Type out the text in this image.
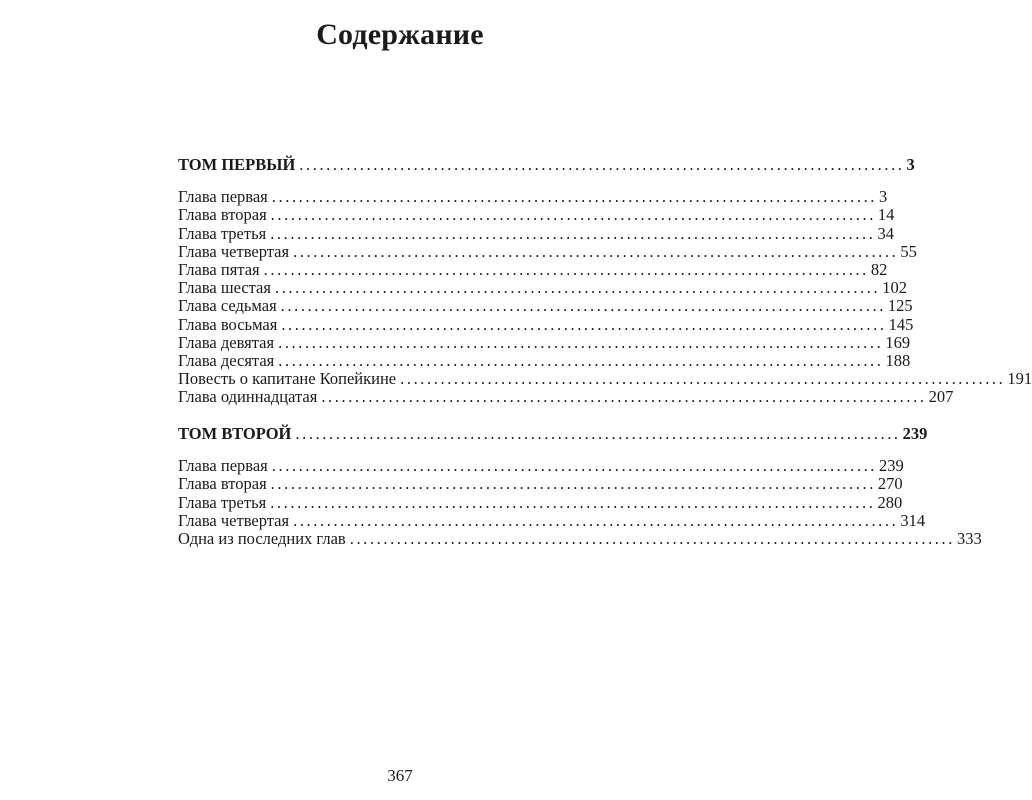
Содержание
ТОМ ПЕРВЫЙ .......................................................................................... 3
Глава первая .......................................................................................... 3
Глава вторая .......................................................................................... 14
Глава третья .......................................................................................... 34
Глава четвертая .......................................................................................... 55
Глава пятая .......................................................................................... 82
Глава шестая .......................................................................................... 102
Глава седьмая .......................................................................................... 125
Глава восьмая .......................................................................................... 145
Глава девятая .......................................................................................... 169
Глава десятая .......................................................................................... 188
Повесть о капитане Копейкине .......................................................................................... 191
Глава одиннадцатая .......................................................................................... 207
ТОМ ВТОРОЙ .......................................................................................... 239
Глава первая .......................................................................................... 239
Глава вторая .......................................................................................... 270
Глава третья .......................................................................................... 280
Глава четвертая .......................................................................................... 314
Одна из последних глав .......................................................................................... 333
367
